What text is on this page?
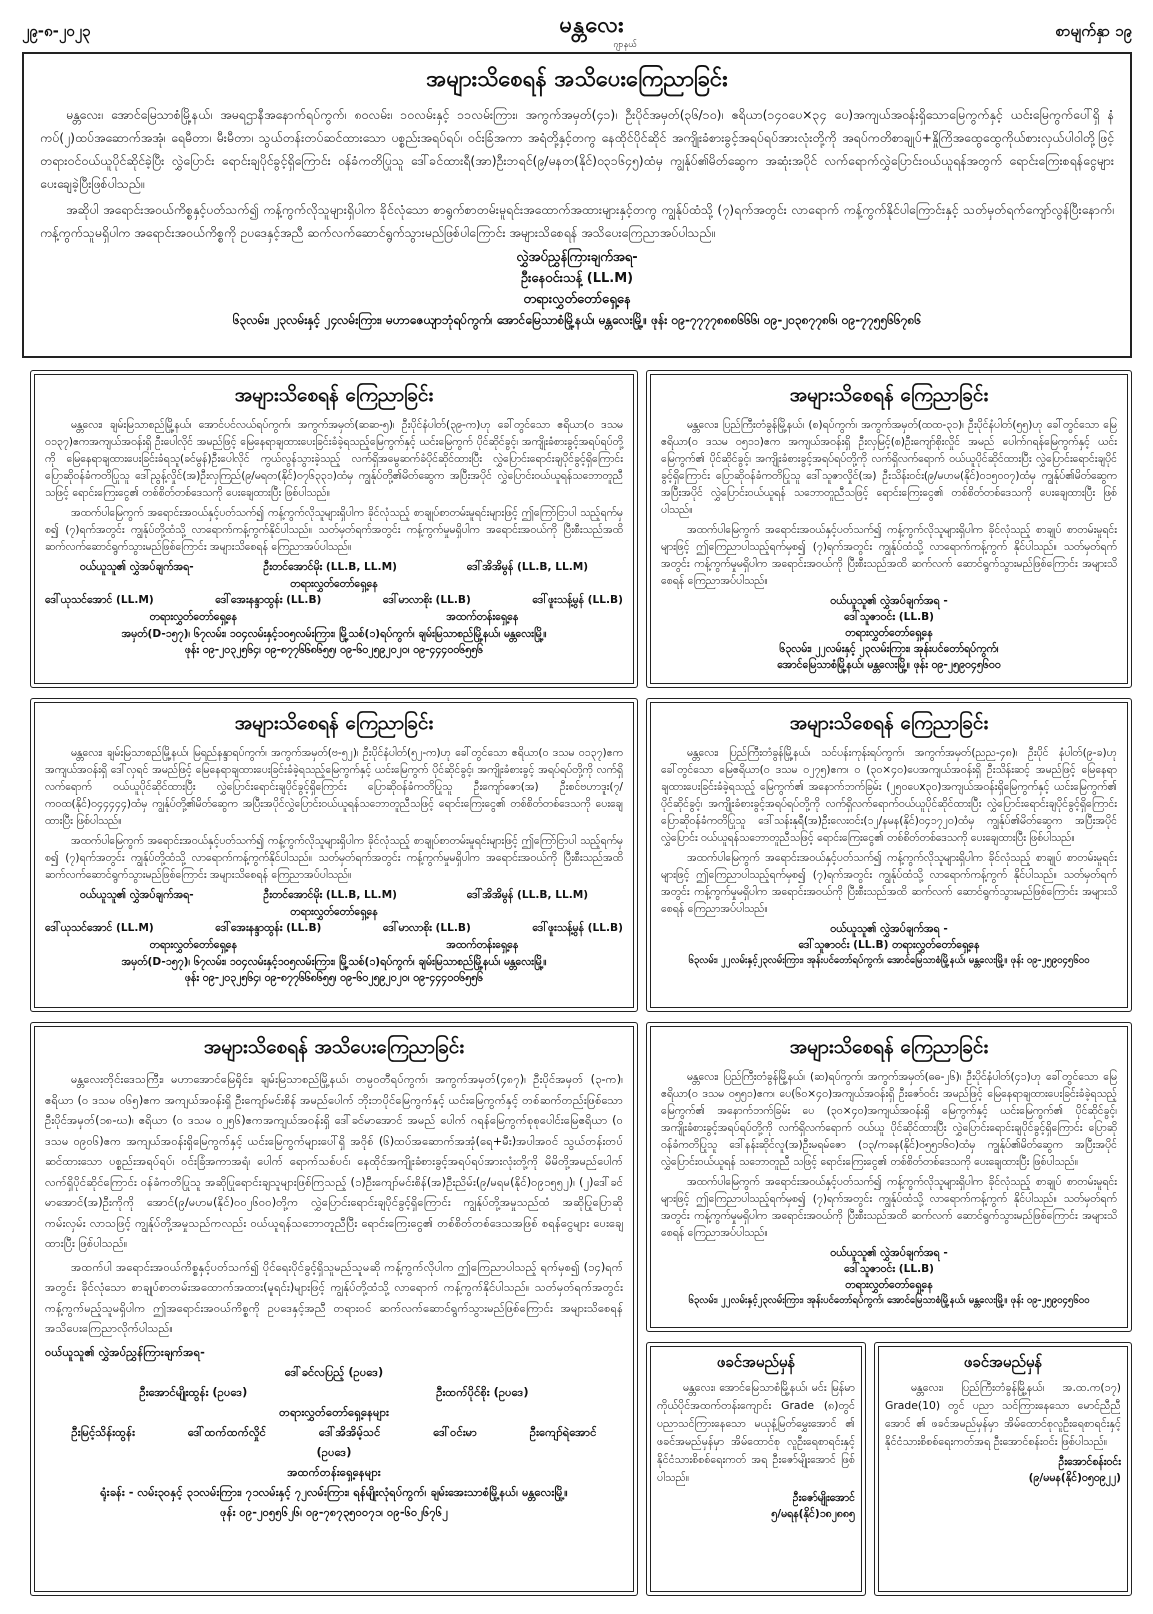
၂၉-၈-၂၀၂၃	မန္တလေး
ဂျာနယ်
စာမျက်နှာ ၁၉
အများသိစေရန် အသိပေးကြေညာခြင်း

မန္တလေး၊ အောင်မြေသာစံမြို့နယ်၊ အမရဌာနီအနောက်ရပ်ကွက်၊ ၈၀လမ်း၊ ၁၀လမ်းနှင့် ၁၁လမ်းကြား၊ အကွက်အမှတ်(၄၁)၊ ဦးပိုင်အမှတ်(၃၆/၁၀)၊ ဧရိယာ(၁၄၀ပေ×၃၄ ပေ)အကျယ်အဝန်းရှိသောမြေကွက်နှင့် ယင်းမြေကွက်ပေါ်ရှိ နံကပ်(၂)ထပ်အဆောက်အအုံ၊ ရေမီတာ၊ မီးမီတာ၊ သွယ်တန်းတပ်ဆင်ထားသော ပစ္စည်းအရပ်ရပ်၊ ဝင်းခြံအကာ အရံတို့နှင့်တကွ နေထိုင်ပိုင်ဆိုင် အကျိုးခံစားခွင့်အရပ်ရပ်အားလုံးတို့ကို အရပ်ကတိစာချုပ်+နှိုကြိအထွေထွေကိုယ်စားလှယ်ပါဝါတို့ဖြင့် တရားဝင်ဝယ်ယူပိုင်ဆိုင်ခဲ့ပြီး လွှဲပြောင်း ရောင်းချပိုင်ခွင့်ရှိကြောင်း ဝန်ခံကတိပြုသူ ဒေါ်ခင်ထားရီ(အာ)ဦးဘရင်(၉/မနတ(နိုင်)၀၃၁၆၄၅)ထံမှ ကျွန်ုပ်၏မိတ်ဆွေက အဆုံးအပိုင် လက်ရောက်လွှဲပြောင်းဝယ်ယူရန်အတွက် ရောင်းကြေးစရန်ငွေများ ပေးချေခဲ့ပြီးဖြစ်ပါသည်။

အဆိုပါ အရောင်းအဝယ်ကိစ္စနှင့်ပတ်သက်၍ ကန့်ကွက်လိုသူများရှိပါက ခိုင်လုံသော စာရွက်စာတမ်းမူရင်းအထောက်အထားများနှင့်တကွ ကျွန်ုပ်ထံသို့ (၇)ရက်အတွင်း လာရောက် ကန့်ကွက်နိုင်ပါကြောင်းနှင့် သတ်မှတ်ရက်ကျော်လွန်ပြီးနောက်၊ ကန့်ကွက်သူမရှိပါက အရောင်းအဝယ်ကိစ္စကို ဥပဒေနှင့်အညီ ဆက်လက်ဆောင်ရွက်သွားမည်ဖြစ်ပါကြောင်း အများသိစေရန် အသိပေးကြေညာအပ်ပါသည်။

လွှဲအပ်ညွှန်ကြားချက်အရ-
ဦးနေဝင်းသန့် (LL.M)
တရားလွှတ်တော်ရှေ့နေ
၆၃လမ်း၊ ၂၃လမ်းနှင့် ၂၄လမ်းကြား၊ မဟာဇေယျာဘုံရပ်ကွက်၊ အောင်မြေသာစံမြို့နယ်၊ မန္တလေးမြို့။ ဖုန်း ၀၉-၇၇၇၇၈၈၈၆၆၆၊ ၀၉-၂၀၃၈၇၇၈၆၊ ၀၉-၇၇၅၅၆၆၇၈၆
အများသိစေရန် ကြေညာခြင်း

မန္တလေး၊ ချမ်းမြသာစည်မြို့နယ်၊ အောင်ပင်လယ်ရပ်ကွက်၊ အကွက်အမှတ်(ဆဆ-၅)၊ ဦးပိုင်နံပါတ်(၃၉-က)ဟု ခေါ်တွင်သော ဧရိယာ(၀ ဒသမ ၀၁၃၇)ဧကအကျယ်အဝန်းရှိ ဦးပေါလိုင် အမည်ဖြင့် မြေနေရာချထားပေးခြင်းခံခဲ့ရသည့်မြေကွက်နှင့် ယင်းမြေကွက် ပိုင်ဆိုင်ခွင့်၊ အကျိုးခံစားခွင့်အရပ်ရပ်တို့ကို မြေနေရာချထားပေးခြင်းခံရသူ(ခင်မွန်)ဦးပေါလိုင် ကွယ်လွန်သွားခဲ့သည့် လက်ရှိအမွေဆက်ခံပိုင်ဆိုင်ထားပြီး လွှဲပြောင်းရောင်းချပိုင်ခွင့်ရှိကြောင်း ပြောဆိုဝန်ခံကတိပြုသူ ဒေါ်ညွန့်လှိုင်(အ)ဦးလှကြည်(၉/မရတ(နိုင်)၀၇၆၃၃၁)ထံမှ ကျွန်ုပ်တို့၏မိတ်ဆွေက အပြီးအပိုင် လွှဲပြောင်းဝယ်ယူရန်သဘောတူညီသဖြင့် ရောင်းကြေးငွေ၏ တစ်စိတ်တစ်ဒေသကို ပေးချေထားပြီး ဖြစ်ပါသည်။

အထက်ပါမြေကွက် အရောင်းအဝယ်နှင့်ပတ်သက်၍ ကန့်ကွက်လိုသူများရှိပါက ခိုင်လုံသည့် စာချုပ်စာတမ်းမူရင်းများဖြင့် ဤကြော်ငြာပါ သည့်ရက်မှစ၍ (၇)ရက်အတွင်း ကျွန်ုပ်တို့ထံသို့ လာရောက်ကန့်ကွက်နိုင်ပါသည်။ သတ်မှတ်ရက်အတွင်း ကန့်ကွက်မှုမရှိပါက အရောင်းအဝယ်ကို ပြီးစီးသည်အထိ ဆက်လက်ဆောင်ရွက်သွားမည်ဖြစ်ကြောင်း အများသိစေရန် ကြေညာအပ်ပါသည်။

ဝယ်ယူသူ၏ လွှဲအပ်ချက်အရ-	ဦးတင်အောင်မိုး (LL.B, LL.M)	ဒေါ်အိအိမွန် (LL.B, LL.M)
တရားလွှတ်တော်ရှေ့နေ
ဒေါ်ယုသင်အောင် (LL.M)	ဒေါ်အေးနန္ဒာထွန်း (LL.B)	ဒေါ်မာလာစိုး (LL.B)	ဒေါ်ဖူးသန့်မွန် (LL.B)
တရားလွှတ်တော်ရှေ့နေ	အထက်တန်းရှေ့နေ
အမှတ်(D-၁၅၇)၊ ၆၇လမ်း၊ ၁၀၄လမ်းနှင့်၁၀၅လမ်းကြား၊ မြို့သစ်(၁)ရပ်ကွက်၊ ချမ်းမြသာစည်မြို့နယ်၊ မန္တလေးမြို့။
ဖုန်း ၀၉-၂၀၃၂၅၆၄၊ ၀၉-၈၇၇၆၆၈၆၅၅၊ ၀၉-၆၀၂၅၉၂၀၂၀၊ ၀၉-၄၄၄၀၀၆၅၅၆
အများသိစေရန် ကြေညာခြင်း

မန္တလေး၊ ပြည်ကြီးတံခွန်မြို့နယ်၊ (စ)ရပ်ကွက်၊ အကွက်အမှတ်(ထထ-၃၁)၊ ဦးပိုင်နံပါတ်(၅၅)ဟု ခေါ်တွင်သော မြေဧရိယာ(၀ ဒသမ ၀၅၁၁)ဧက အကျယ်အဝန်းရှိ ဦးလှမြင့်(စ)ဦးကျော်စိုးလှိုင် အမည် ပေါက်ဂရန်မြေကွက်နှင့် ယင်းမြေကွက်၏ ပိုင်ဆိုင်ခွင့်၊ အကျိုးခံစားခွင့်အရပ်ရပ်တို့ကို လက်ရှိလက်ရောက် ဝယ်ယူပိုင်ဆိုင်ထားပြီး လွှဲပြောင်းရောင်းချပိုင်ခွင့်ရှိကြောင်း ပြောဆိုဝန်ခံကတိပြုသူ ဒေါ်သူဇာလှိုင်(အ) ဦးသိန်းဝင်း(၉/မဟမ(နိုင်)၀၁၅၀၀၇)ထံမှ ကျွန်ုပ်၏မိတ်ဆွေက အပြီးအပိုင် လွှဲပြောင်းဝယ်ယူရန် သဘောတူညီသဖြင့် ရောင်းကြေးငွေ၏ တစ်စိတ်တစ်ဒေသကို ပေးချေထားပြီး ဖြစ်ပါသည်။

အထက်ပါမြေကွက် အရောင်းအဝယ်နှင့်ပတ်သက်၍ ကန့်ကွက်လိုသူများရှိပါက ခိုင်လုံသည့် စာချုပ် စာတမ်းမူရင်းများဖြင့် ဤကြေညာပါသည့်ရက်မှစ၍ (၇)ရက်အတွင်း ကျွန်ုပ်ထံသို့ လာရောက်ကန့်ကွက် နိုင်ပါသည်။ သတ်မှတ်ရက်အတွင်း ကန့်ကွက်မှုမရှိပါက အရောင်းအဝယ်ကို ပြီးစီးသည်အထိ ဆက်လက် ဆောင်ရွက်သွားမည်ဖြစ်ကြောင်း အများသိစေရန် ကြေညာအပ်ပါသည်။

ဝယ်ယူသူ၏ လွှဲအပ်ချက်အရ -
ဒေါ်သူဇာဝင်း (LL.B)
တရားလွှတ်တော်ရှေ့နေ
၆၃လမ်း၊ ၂၂လမ်းနှင့် ၂၃လမ်းကြား၊ အုန်းပင်တော်ရပ်ကွက်၊
အောင်မြေသာစံမြို့နယ်၊ မန္တလေးမြို့။ ဖုန်း ၀၉-၂၅၉၀၄၅၆၀၀
အများသိစေရန် ကြေညာခြင်း

မန္တလေး၊ ချမ်းမြသာစည်မြို့နယ်၊ မြရည်နန္ဒာရပ်ကွက်၊ အကွက်အမှတ်(ဗ-၅၂)၊ ဦးပိုင်နံပါတ်(၅၂-က)ဟု ခေါ်တွင်သော ဧရိယာ(၀ ဒသမ ၀၁၃၇)ဧက အကျယ်အဝန်းရှိ ဒေါ်လှရင် အမည်ဖြင့် မြေနေရာချထားပေးခြင်းခံခဲ့ရသည့်မြေကွက်နှင့် ယင်းမြေကွက် ပိုင်ဆိုင်ခွင့်၊ အကျိုးခံစားခွင့် အရပ်ရပ်တို့ကို လက်ရှိလက်ရောက် ဝယ်ယူပိုင်ဆိုင်ထားပြီး လွှဲပြောင်းရောင်းချပိုင်ခွင့်ရှိကြောင်း ပြောဆိုဝန်ခံကတိပြုသူ ဦးကျော်ဇော(အ) ဦးစင်ဗဟာဒူး(၇/ကဝထ(နိုင်)၀၄၄၄၄၄)ထံမှ ကျွန်ုပ်တို့၏မိတ်ဆွေက အပြီးအပိုင်လွှဲပြောင်းဝယ်ယူရန်သဘောတူညီသဖြင့် ရောင်းကြေးငွေ၏ တစ်စိတ်တစ်ဒေသကို ပေးချေထားပြီး ဖြစ်ပါသည်။

အထက်ပါမြေကွက် အရောင်းအဝယ်နှင့်ပတ်သက်၍ ကန့်ကွက်လိုသူများရှိပါက ခိုင်လုံသည့် စာချုပ်စာတမ်းမူရင်းများဖြင့် ဤကြော်ငြာပါ သည့်ရက်မှစ၍ (၇)ရက်အတွင်း ကျွန်ုပ်တို့ထံသို့ လာရောက်ကန့်ကွက်နိုင်ပါသည်။ သတ်မှတ်ရက်အတွင်း ကန့်ကွက်မှုမရှိပါက အရောင်းအဝယ်ကို ပြီးစီးသည်အထိ ဆက်လက်ဆောင်ရွက်သွားမည်ဖြစ်ကြောင်း အများသိစေရန် ကြေညာအပ်ပါသည်။

ဝယ်ယူသူ၏ လွှဲအပ်ချက်အရ-	ဦးတင်အောင်မိုး (LL.B, LL.M)	ဒေါ်အိအိမွန် (LL.B, LL.M)
တရားလွှတ်တော်ရှေ့နေ
ဒေါ်ယုသင်အောင် (LL.M)	ဒေါ်အေးနန္ဒာထွန်း (LL.B)	ဒေါ်မာလာစိုး (LL.B)	ဒေါ်ဖူးသန့်မွန် (LL.B)
တရားလွှတ်တော်ရှေ့နေ	အထက်တန်းရှေ့နေ
အမှတ်(D-၁၅၇)၊ ၆၇လမ်း၊ ၁၀၄လမ်းနှင့်၁၀၅လမ်းကြား၊ မြို့သစ်(၁)ရပ်ကွက်၊ ချမ်းမြသာစည်မြို့နယ်၊ မန္တလေးမြို့။
ဖုန်း ၀၉-၂၀၃၂၅၆၄၊ ၀၉-၈၇၇၆၆၈၆၅၅၊ ၀၉-၆၀၂၅၉၂၀၂၀၊ ၀၉-၄၄၄၀၀၆၅၅၆
အများသိစေရန် ကြေညာခြင်း

မန္တလေး၊ ပြည်ကြီးတံခွန်မြို့နယ်၊ သင်ပန်းကုန်းရပ်ကွက်၊ အကွက်အမှတ်(ညည-၄၈)၊ ဦးပိုင် နံပါတ်(၉-ခ)ဟု ခေါ်တွင်သော မြေဧရိယာ(၀ ဒသမ ၀၂၇၅)ဧက၊ ဝ (၃၀×၄၀)ပေအကျယ်အဝန်းရှိ ဦးသိန်းဆင့် အမည်ဖြင့် မြေနေရာချထားပေးခြင်းခံခဲ့ရသည့် မြေကွက်၏ အနောက်ဘက်ခြမ်း (၂၅၀ပေx၃၀)အကျယ်အဝန်းရှိမြေကွက်နှင့် ယင်းမြေကွက်၏ ပိုင်ဆိုင်ခွင့်၊ အကျိုးခံစားခွင့်အရပ်ရပ်တို့ကို လက်ရှိလက်ရောက်ဝယ်ယူပိုင်ဆိုင်ထားပြီး လွှဲပြောင်းရောင်းချပိုင်ခွင့်ရှိကြောင်း ပြောဆိုဝန်ခံကတိပြုသူ ဒေါ်သန်းနုရီ(အ)ဦးလေးဝင်း(၁၂/နမန(နိုင်)၀၄၁၇၂၀)ထံမှ ကျွန်ုပ်၏မိတ်ဆွေက အပြီးအပိုင် လွှဲပြောင်း ဝယ်ယူရန်သဘောတူညီသဖြင့် ရောင်းကြေးငွေ၏ တစ်စိတ်တစ်ဒေသကို ပေးချေထားပြီး ဖြစ်ပါသည်။

အထက်ပါမြေကွက် အရောင်းအဝယ်နှင့်ပတ်သက်၍ ကန့်ကွက်လိုသူများရှိပါက ခိုင်လုံသည့် စာချုပ် စာတမ်းမူရင်းများဖြင့် ဤကြေညာပါသည့်ရက်မှစ၍ (၇)ရက်အတွင်း ကျွန်ုပ်ထံသို့ လာရောက်ကန့်ကွက် နိုင်ပါသည်။ သတ်မှတ်ရက်အတွင်း ကန့်ကွက်မှုမရှိပါက အရောင်းအဝယ်ကို ပြီးစီးသည်အထိ ဆက်လက် ဆောင်ရွက်သွားမည်ဖြစ်ကြောင်း အများသိစေရန် ကြေညာအပ်ပါသည်။

ဝယ်ယူသူ၏ လွှဲအပ်ချက်အရ -
ဒေါ်သူဇာဝင်း (LL.B) တရားလွှတ်တော်ရှေ့နေ
၆၃လမ်း၊ ၂၂လမ်းနှင့်၂၃လမ်းကြား၊ အုန်းပင်တော်ရပ်ကွက်၊ အောင်မြေသာစံမြို့နယ်၊ မန္တလေးမြို့။ ဖုန်း ၀၉-၂၅၉၀၄၅၆၀၀
အများသိစေရန် အသိပေးကြေညာခြင်း

မန္တလေးတိုင်းဒေသကြီး၊ မဟာအောင်မြေရိုင်း၊ ချမ်းမြသာစည်မြို့နယ်၊ တမ္ပဝတီရပ်ကွက်၊ အကွက်အမှတ်(၄၈၇)၊ ဦးပိုင်အမှတ် (၃-က)၊ ဧရိယာ (၀ ဒသမ ၀၆၅)ဧက အကျယ်အဝန်းရှိ ဦးကျော်မင်းစိန် အမည်ပေါက် ဘိုးဘပိုင်မြေကွက်နှင့် ယင်းမြေကွက်နှင့် တစ်ဆက်တည်းဖြစ်သော ဦးပိုင်အမှတ်(၁၈-ဃ)၊ ဧရိယာ (၀ ဒသမ ၀၂၅၆)ဧကအကျယ်အဝန်းရှိ ဒေါ်ခင်မာအောင် အမည် ပေါက် ဂရန်မြေကွက်စုစုပေါင်းမြေဧရိယာ (၀ ဒသမ ၀၉၀၆)ဧက အကျယ်အဝန်းရှိမြေကွက်နှင့် ယင်းမြေကွက်များပေါ်ရှိ အဝိုစ် (၆)ထပ်အဆောက်အအုံ(ရေ+မီး)အပါအဝင် သွယ်တန်းတပ်ဆင်ထားသော ပစ္စည်းအရပ်ရပ်၊ ဝင်းခြံအကာအရံ၊ ပေါက် ရောက်သစ်ပင်၊ နေထိုင်အကျိုးခံစားခွင့်အရပ်ရပ်အားလုံးတို့ကို မိမိတို့အမည်ပေါက် လက်ရှိပိုင်ဆိုင်ကြောင်း ဝန်ခံကတိပြုသူ အဆိုပြုရောင်းချသူများဖြစ်ကြသည့် (၁)ဦးကျော်မင်းစိန်(အ)ဦးညိမ်း(၉/မရမ(နိုင်)၀၉၁၅၅၂)၊ (၂)ဒေါ်ခင်မာအောင်(အ)ဦးကိုကို အောင်(၉/မဟမ(နိုင်)၀၀၂၆၀၀)တို့က လွှဲပြောင်းရောင်းချပိုင်ခွင့်ရှိကြောင်း ကျွန်ုပ်တို့အမှုသည်ထံ အဆိုပြုပြောဆိုကမ်းလှမ်း လာသဖြင့် ကျွန်ုပ်တို့အမှုသည်ကလည်း ဝယ်ယူရန်သဘောတူညီပြီး ရောင်းကြေးငွေ၏ တစ်စိတ်တစ်ဒေသအဖြစ် စရန်ငွေများ ပေးချေထားပြီး ဖြစ်ပါသည်။

အထက်ပါ အရောင်းအဝယ်ကိစ္စနှင့်ပတ်သက်၍ ပိုင်ရေးပိုင်ခွင့်ရှိသူမည်သူမဆို ကန့်ကွက်လိုပါက ဤကြေညာပါသည့် ရက်မှစ၍ (၁၄)ရက်အတွင်း ခိုင်လုံသော စာချုပ်စာတမ်းအထောက်အထား(မူရင်း)များဖြင့် ကျွန်ုပ်တို့ထံသို့ လာရောက် ကန့်ကွက်နိုင်ပါသည်။ သတ်မှတ်ရက်အတွင်း ကန့်ကွက်မည့်သူမရှိပါက ဤအရောင်းအဝယ်ကိစ္စကို ဥပဒေနှင့်အညီ တရားဝင် ဆက်လက်ဆောင်ရွက်သွားမည်ဖြစ်ကြောင်း အများသိစေရန် အသိပေးကြေညာလိုက်ပါသည်။

ဝယ်ယူသူ၏ လွှဲအပ်ညွှန်ကြားချက်အရ-
ဒေါ်ခင်လပြည့် (ဥပဒေ)
ဦးအောင်မျိုးထွန်း (ဥပဒေ)	ဦးထက်ပိုင်စိုး (ဥပဒေ)
တရားလွှတ်တော်ရှေ့နေများ
ဦးမြင့်သိန်းထွန်း	ဒေါ်ထက်ထက်လှိုင်	ဒေါ်အိအိမ့်သင်	ဒေါ်ဝင်းမာ	ဦးကျော်ရဲအောင်
(ဥပဒေ)
အထက်တန်းရှေ့နေများ
ရုံးခန်း - လမ်း၃၀နှင့် ၃၁လမ်းကြား၊ ၇၁လမ်းနှင့် ၇၂လမ်းကြား၊ ရန်မျိုးလုံရပ်ကွက်၊ ချမ်းအေးသာစံမြို့နယ်၊ မန္တလေးမြို့။
ဖုန်း ၀၉-၂၀၅၅၆၂၆၊ ၀၉-၇၈၇၃၅၀၀၇၁၊ ၀၉-၆၀၂၆၇၆၂
အများသိစေရန် ကြေညာခြင်း

မန္တလေး၊ ပြည်ကြီးတံခွန်မြို့နယ်၊ (ဆ)ရပ်ကွက်၊ အကွက်အမှတ်(ဓဓ-၂၆)၊ ဦးပိုင်နံပါတ်(၄၁)ဟု ခေါ်တွင်သော မြေဧရိယာ(၀ ဒသမ ၀၅၅၁)ဧက၊ ပေ(၆၀×၄၀)အကျယ်အဝန်းရှိ ဦးဇော်ဝင်း အမည်ဖြင့် မြေနေရာချထားပေးခြင်းခံခဲ့ရသည့် မြေကွက်၏ အနောက်ဘက်ခြမ်း ပေ (၃၀×၄၀)အကျယ်အဝန်းရှိ မြေကွက်နှင့် ယင်းမြေကွက်၏ ပိုင်ဆိုင်ခွင့်၊ အကျိုးခံစားခွင့်အရပ်ရပ်တို့ကို လက်ရှိလက်ရောက် ဝယ်ယူ ပိုင်ဆိုင်ထားပြီး လွှဲပြောင်းရောင်းချပိုင်ခွင့်ရှိကြောင်း ပြောဆိုဝန်ခံကတိပြုသူ ဒေါ်နန်းဆိုင်လူ(အ)ဦးမရမ်ဇော (၁၃/ကခန(နိုင်)၀၅၅၁၆၀)ထံမှ ကျွန်ုပ်၏မိတ်ဆွေက အပြီးအပိုင် လွှဲပြောင်းဝယ်ယူရန် သဘောတူညီ သဖြင့် ရောင်းကြေးငွေ၏ တစ်စိတ်တစ်ဒေသကို ပေးချေထားပြီး ဖြစ်ပါသည်။

အထက်ပါမြေကွက် အရောင်းအဝယ်နှင့်ပတ်သက်၍ ကန့်ကွက်လိုသူများရှိပါက ခိုင်လုံသည့် စာချုပ် စာတမ်းမူရင်းများဖြင့် ဤကြေညာပါသည့်ရက်မှစ၍ (၇)ရက်အတွင်း ကျွန်ုပ်ထံသို့ လာရောက်ကန့်ကွက် နိုင်ပါသည်။ သတ်မှတ်ရက်အတွင်း ကန့်ကွက်မှုမရှိပါက အရောင်းအဝယ်ကို ပြီးစီးသည်အထိ ဆက်လက် ဆောင်ရွက်သွားမည်ဖြစ်ကြောင်း အများသိစေရန် ကြေညာအပ်ပါသည်။

ဝယ်ယူသူ၏ လွှဲအပ်ချက်အရ -
ဒေါ်သူဇာဝင်း (LL.B)
တရားလွှတ်တော်ရှေ့နေ
၆၃လမ်း၊ ၂၂လမ်းနှင့်၂၃လမ်းကြား၊ အုန်းပင်တော်ရပ်ကွက်၊ အောင်မြေသာစံမြို့နယ်၊ မန္တလေးမြို့။ ဖုန်း ၀၉-၂၅၉၀၄၅၆၀၀
ဖခင်အမည်မှန်

မန္တလေး၊ အောင်မြေသာစံမြို့နယ်၊ မင်း မြန်မာကိုယ်ပိုင်အထက်တန်းကျောင်း Grade (၈)တွင် ပညာသင်ကြားနေသော မယုနံ့မြတ်မွှေးအောင် ၏ ဖခင်အမည်မှန်မှာ အိမ်ထောင်စု လူဦးရေစာရင်းနှင့် နိုင်ငံသားစိစစ်ရေးကတ် အရ ဦးဇော်မျိုးအောင် ဖြစ်ပါသည်။

ဦးဇော်မျိုးအောင်
၅/မရန(နိုင်)၁၈၂၈၈၅
ဖခင်အမည်မှန်

မန္တလေး၊ ပြည်ကြီးတံခွန်မြို့နယ်၊ အ.ထ.က(၁၇) Grade(10) တွင် ပညာ သင်ကြားနေသော မောင်ညီညီအောင် ၏ ဖခင်အမည်မှန်မှာ အိမ်ထောင်စုလူဦးရေစာရင်းနှင့် နိုင်ငံသားစိစစ်ရေးကတ်အရ ဦးအောင်စန်းဝင်း ဖြစ်ပါသည်။

ဦးအောင်စန်းဝင်း
(၉/မမန(နိုင်)၀၅၀၉၂၂)
